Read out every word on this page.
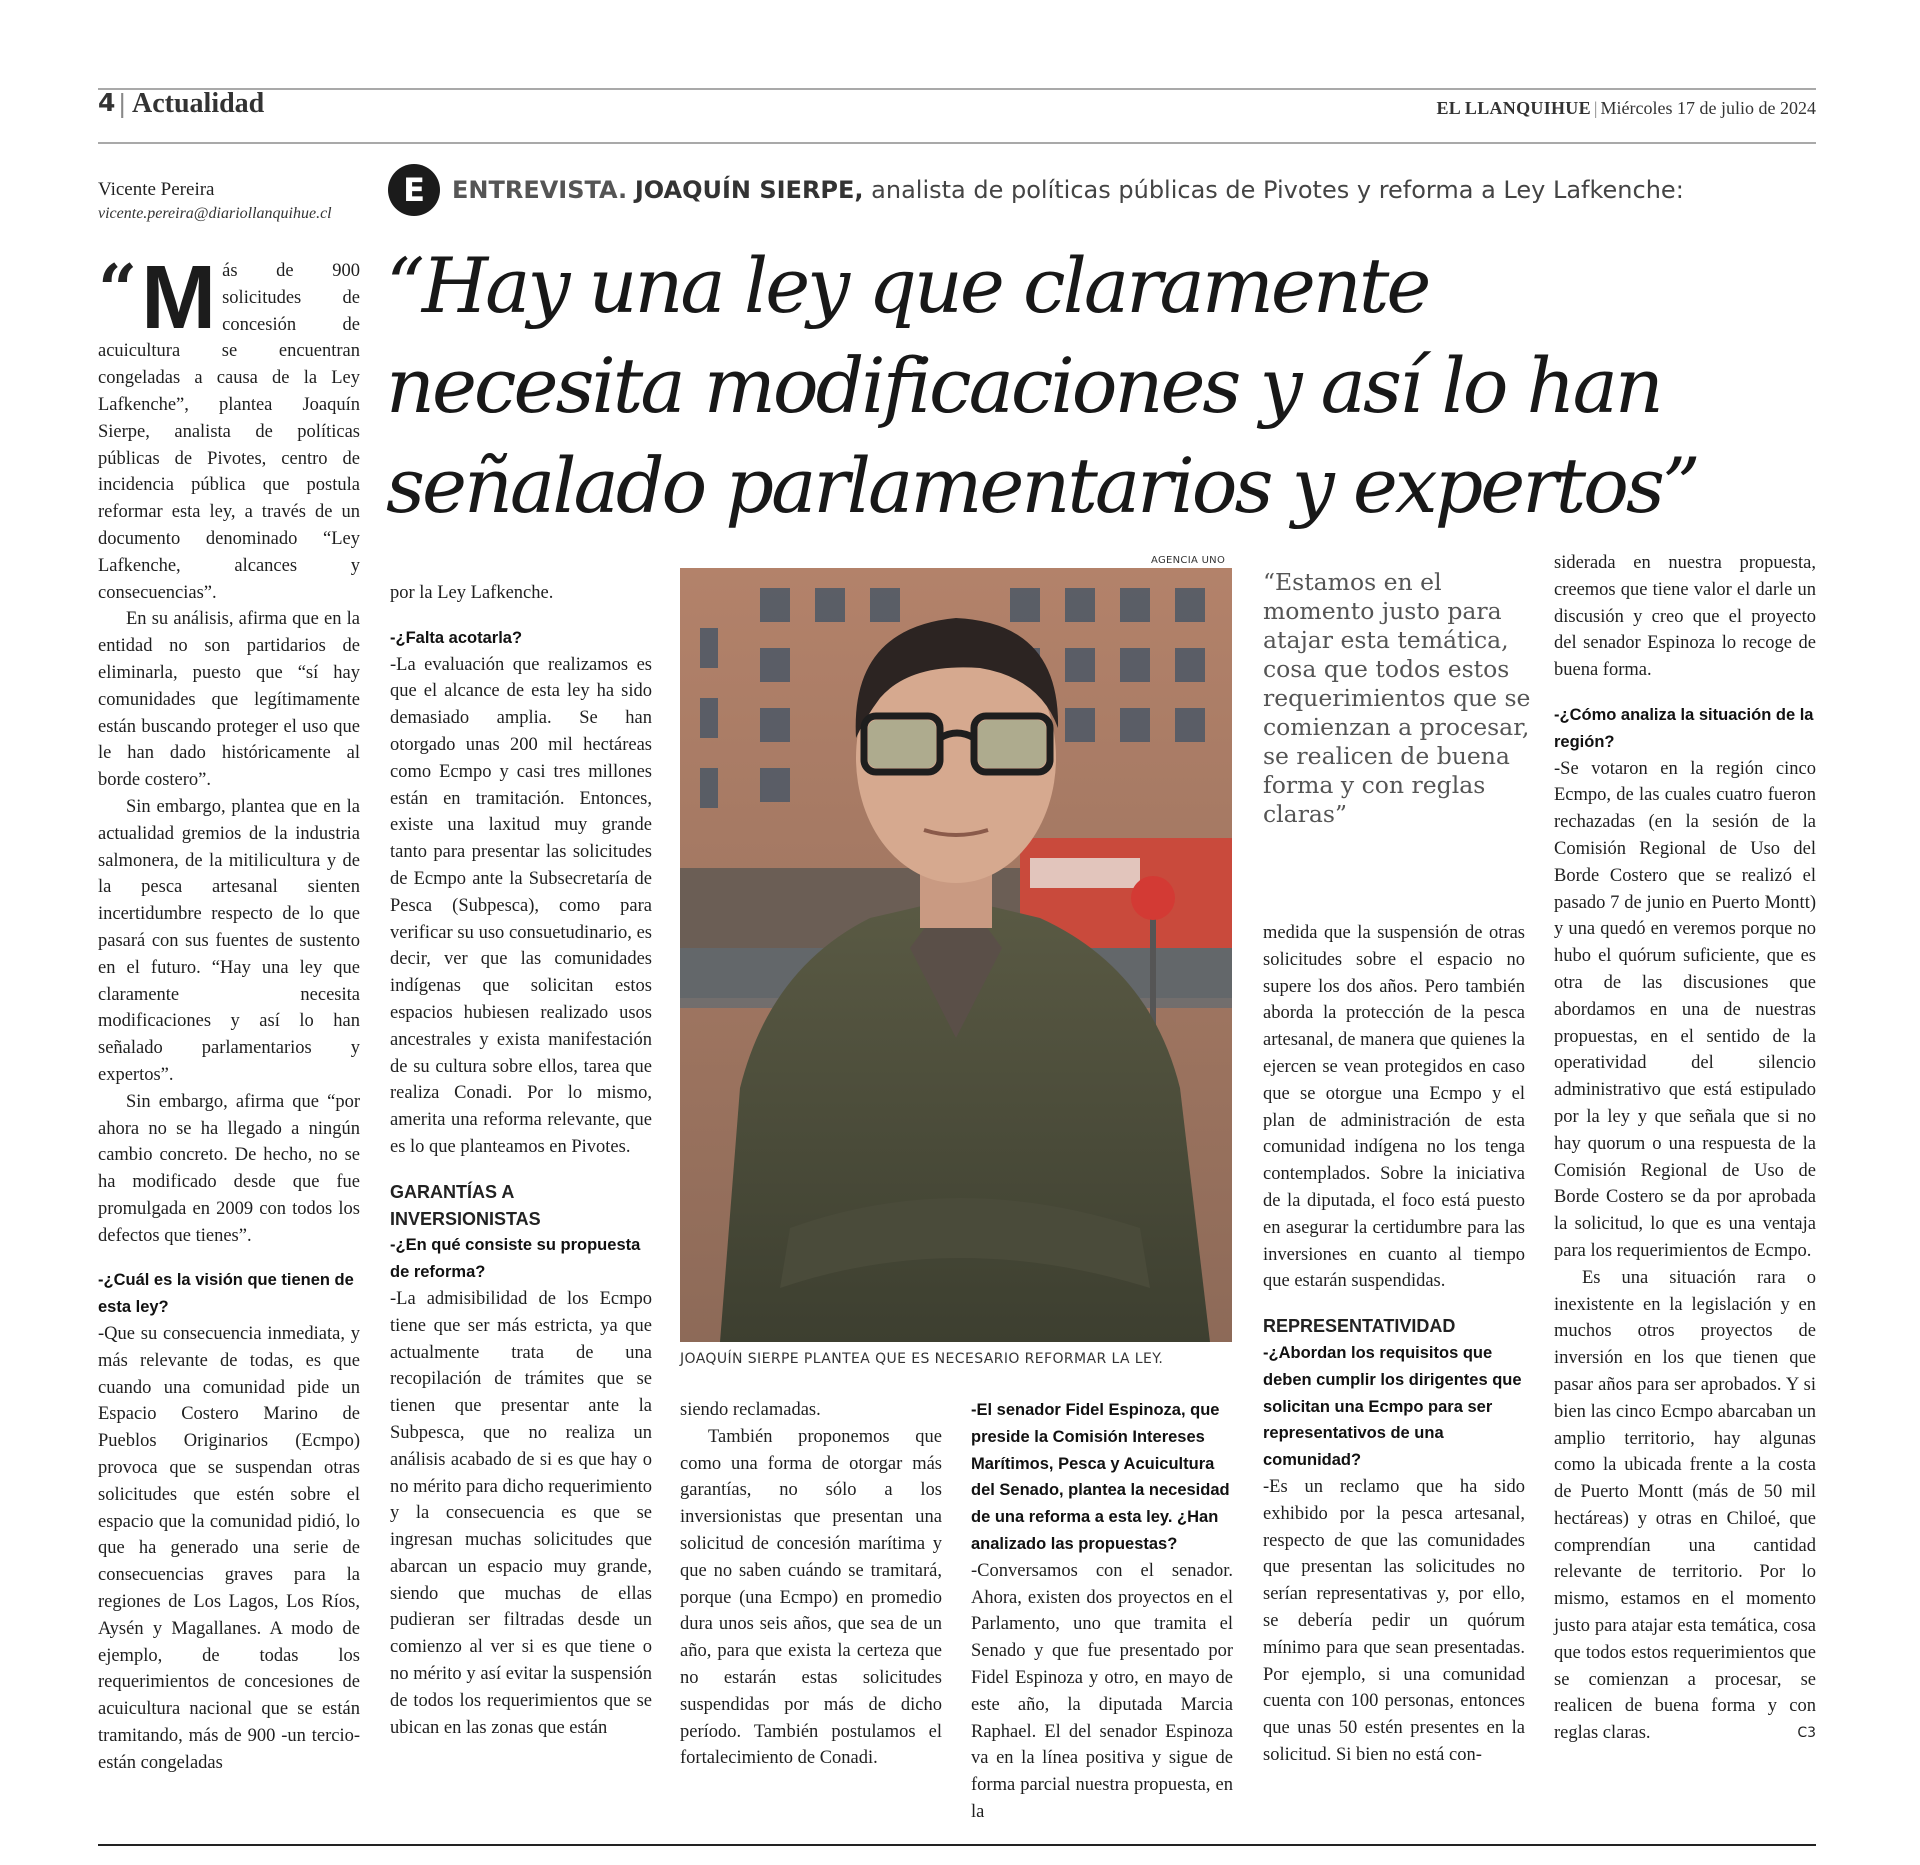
4 | Actualidad	EL LLANQUIHUE | Miércoles 17 de julio de 2024
Vicente Pereira
vicente.pereira@diariollanquihue.cl
E	ENTREVISTA. JOAQUÍN SIERPE, analista de políticas públicas de Pivotes y reforma a Ley Lafkenche:
“Hay una ley que claramente
necesita modificaciones y así lo han
señalado parlamentarios y expertos”
“ M ás de 900 solicitudes de concesión de acuicultura se encuentran congeladas a causa de la Ley Lafkenche”, plantea Joaquín Sierpe, analista de políticas públicas de Pivotes, centro de incidencia pública que postula reformar esta ley, a través de un documento denominado “Ley Lafkenche, alcances y consecuencias”.

En su análisis, afirma que en la entidad no son partidarios de eliminarla, puesto que “sí hay comunidades que legítimamente están buscando proteger el uso que le han dado históricamente al borde costero”.

Sin embargo, plantea que en la actualidad gremios de la industria salmonera, de la mitilicultura y de la pesca artesanal sienten incertidumbre respecto de lo que pasará con sus fuentes de sustento en el futuro. “Hay una ley que claramente necesita modificaciones y así lo han señalado parlamentarios y expertos”.

Sin embargo, afirma que “por ahora no se ha llegado a ningún cambio concreto. De hecho, no se ha modificado desde que fue promulgada en 2009 con todos los defectos que tienes”.

-¿Cuál es la visión que tienen de esta ley?

-Que su consecuencia inmediata, y más relevante de todas, es que cuando una comunidad pide un Espacio Costero Marino de Pueblos Originarios (Ecmpo) provoca que se suspendan otras solicitudes que estén sobre el espacio que la comunidad pidió, lo que ha generado una serie de consecuencias graves para la regiones de Los Lagos, Los Ríos, Aysén y Magallanes. A modo de ejemplo, de todas los requerimientos de concesiones de acuicultura nacional que se están tramitando, más de 900 -un tercio- están congeladas

por la Ley Lafkenche.

-¿Falta acotarla?

-La evaluación que realizamos es que el alcance de esta ley ha sido demasiado amplia. Se han otorgado unas 200 mil hectáreas como Ecmpo y casi tres millones están en tramitación. Entonces, existe una laxitud muy grande tanto para presentar las solicitudes de Ecmpo ante la Subsecretaría de Pesca (Subpesca), como para verificar su uso consuetudinario, es decir, ver que las comunidades indígenas que solicitan estos espacios hubiesen realizado usos ancestrales y exista manifestación de su cultura sobre ellos, tarea que realiza Conadi. Por lo mismo, amerita una reforma relevante, que es lo que planteamos en Pivotes.

GARANTÍAS A INVERSIONISTAS

-¿En qué consiste su propuesta de reforma?

-La admisibilidad de los Ecmpo tiene que ser más estricta, ya que actualmente trata de una recopilación de trámites que se tienen que presentar ante la Subpesca, que no realiza un análisis acabado de si es que hay o no mérito para dicho requerimiento y la consecuencia es que se ingresan muchas solicitudes que abarcan un espacio muy grande, siendo que muchas de ellas pudieran ser filtradas desde un comienzo al ver si es que tiene o no mérito y así evitar la suspensión de todos los requerimientos que se ubican en las zonas que están

AGENCIA UNO
JOAQUÍN SIERPE PLANTEA QUE ES NECESARIO REFORMAR LA LEY.
“Estamos en el momento justo para atajar esta temática, cosa que todos estos requerimientos que se comienzan a procesar, se realicen de buena forma y con reglas claras”

siendo reclamadas.

También proponemos que como una forma de otorgar más garantías, no sólo a los inversionistas que presentan una solicitud de concesión marítima y que no saben cuándo se tramitará, porque (una Ecmpo) en promedio dura unos seis años, que sea de un año, para que exista la certeza que no estarán estas solicitudes suspendidas por más de dicho período. También postulamos el fortalecimiento de Conadi.

-El senador Fidel Espinoza, que preside la Comisión Intereses Marítimos, Pesca y Acuicultura del Senado, plantea la necesidad de una reforma a esta ley. ¿Han analizado las propuestas?

-Conversamos con el senador. Ahora, existen dos proyectos en el Parlamento, uno que tramita el Senado y que fue presentado por Fidel Espinoza y otro, en mayo de este año, la diputada Marcia Raphael. El del senador Espinoza va en la línea positiva y sigue de forma parcial nuestra propuesta, en la

medida que la suspensión de otras solicitudes sobre el espacio no supere los dos años. Pero también aborda la protección de la pesca artesanal, de manera que quienes la ejercen se vean protegidos en caso que se otorgue una Ecmpo y el plan de administración de esta comunidad indígena no los tenga contemplados. Sobre la iniciativa de la diputada, el foco está puesto en asegurar la certidumbre para las inversiones en cuanto al tiempo que estarán suspendidas.

REPRESENTATIVIDAD

-¿Abordan los requisitos que deben cumplir los dirigentes que solicitan una Ecmpo para ser representativos de una comunidad?

-Es un reclamo que ha sido exhibido por la pesca artesanal, respecto de que las comunidades que presentan las solicitudes no serían representativas y, por ello, se debería pedir un quórum mínimo para que sean presentadas. Por ejemplo, si una comunidad cuenta con 100 personas, entonces que unas 50 estén presentes en la solicitud. Si bien no está con-

siderada en nuestra propuesta, creemos que tiene valor el darle un discusión y creo que el proyecto del senador Espinoza lo recoge de buena forma.

-¿Cómo analiza la situación de la región?

-Se votaron en la región cinco Ecmpo, de las cuales cuatro fueron rechazadas (en la sesión de la Comisión Regional de Uso del Borde Costero que se realizó el pasado 7 de junio en Puerto Montt) y una quedó en veremos porque no hubo el quórum suficiente, que es otra de las discusiones que abordamos en una de nuestras propuestas, en el sentido de la operatividad del silencio administrativo que está estipulado por la ley y que señala que si no hay quorum o una respuesta de la Comisión Regional de Uso de Borde Costero se da por aprobada la solicitud, lo que es una ventaja para los requerimientos de Ecmpo.

Es una situación rara o inexistente en la legislación y en muchos otros proyectos de inversión en los que tienen que pasar años para ser aprobados. Y si bien las cinco Ecmpo abarcaban un amplio territorio, hay algunas como la ubicada frente a la costa de Puerto Montt (más de 50 mil hectáreas) y otras en Chiloé, que comprendían una cantidad relevante de territorio. Por lo mismo, estamos en el momento justo para atajar esta temática, cosa que todos estos requerimientos que se comienzan a procesar, se realicen de buena forma y con reglas claras.	C3
